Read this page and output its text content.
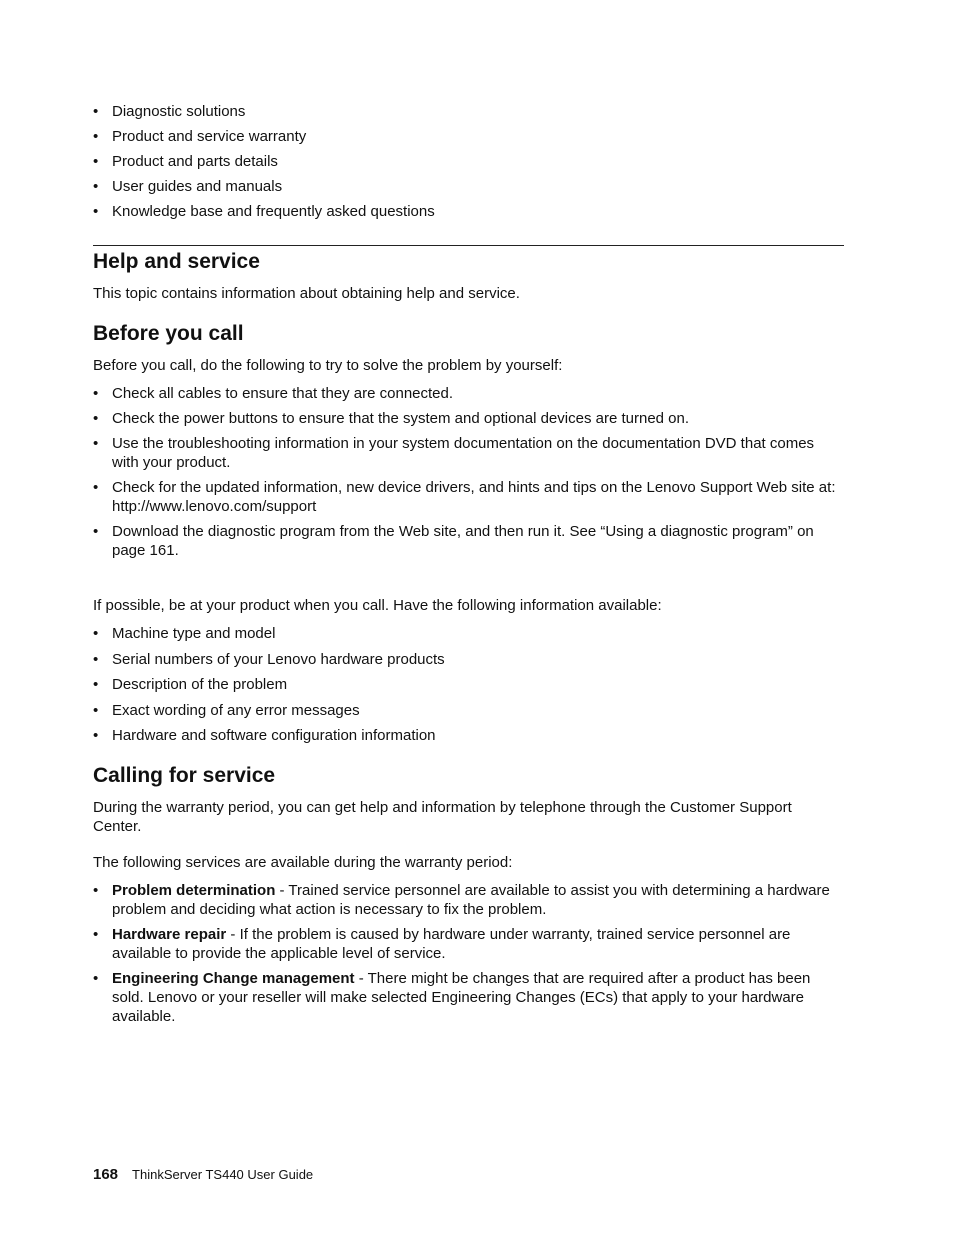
• Diagnostic solutions
• Product and service warranty
• Product and parts details
• User guides and manuals
• Knowledge base and frequently asked questions
Help and service

This topic contains information about obtaining help and service.

Before you call

Before you call, do the following to try to solve the problem by yourself:

• Check all cables to ensure that they are connected.
• Check the power buttons to ensure that the system and optional devices are turned on.
• Use the troubleshooting information in your system documentation on the documentation DVD that comes with your product.
• Check for the updated information, new device drivers, and hints and tips on the Lenovo Support Web site at:
http://www.lenovo.com/support
• Download the diagnostic program from the Web site, and then run it. See “Using a diagnostic program” on page 161.

If possible, be at your product when you call. Have the following information available:

• Machine type and model
• Serial numbers of your Lenovo hardware products
• Description of the problem
• Exact wording of any error messages
• Hardware and software configuration information
Calling for service

During the warranty period, you can get help and information by telephone through the Customer Support Center.

The following services are available during the warranty period:

• Problem determination - Trained service personnel are available to assist you with determining a hardware problem and deciding what action is necessary to fix the problem.
• Hardware repair - If the problem is caused by hardware under warranty, trained service personnel are available to provide the applicable level of service.
• Engineering Change management - There might be changes that are required after a product has been sold. Lenovo or your reseller will make selected Engineering Changes (ECs) that apply to your hardware available.
168 ThinkServer TS440 User Guide
